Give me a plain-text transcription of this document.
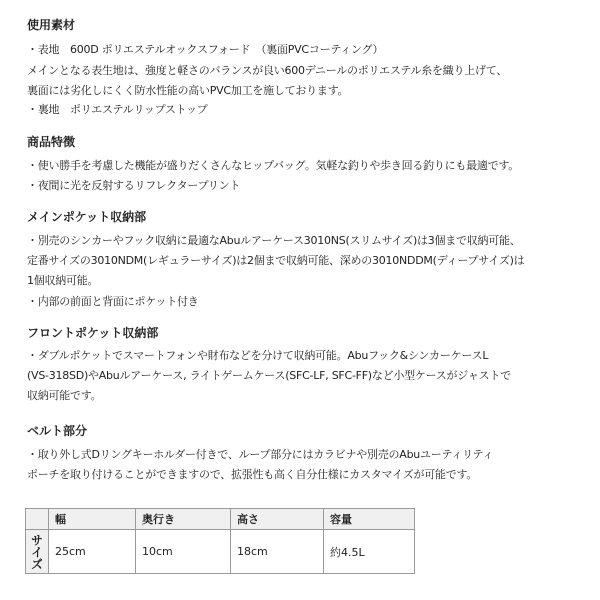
使用素材
・表地　600D ポリエステルオックスフォード　（裏面PVCコーティング）
メインとなる表生地は、強度と軽さのバランスが良い600デニールのポリエステル糸を織り上げて、
裏面には劣化しにくく防水性能の高いPVC加工を施しております。
・裏地　ポリエステルリップストップ
商品特徴
・使い勝手を考慮した機能が盛りだくさんなヒップバッグ。気軽な釣りや歩き回る釣りにも最適です。
・夜間に光を反射するリフレクタープリント
メインポケット収納部
・別売のシンカーやフック収納に最適なAbuルアーケース3010NS(スリムサイズ)は3個まで収納可能、
定番サイズの3010NDM(レギュラーサイズ)は2個まで収納可能、深めの3010NDDM(ディープサイズ)は
1個収納可能。
・内部の前面と背面にポケット付き
フロントポケット収納部
・ダブルポケットでスマートフォンや財布などを分けて収納可能。Abuフック&シンカーケースL
(VS-318SD)やAbuルアーケース, ライトゲームケース(SFC-LF, SFC-FF)など小型ケースがジャストで
収納可能です。
ベルト部分
・取り外し式Dリングキーホルダー付きで、ループ部分にはカラビナや別売のAbuユーティリティ
ポーチを取り付けることができますので、拡張性も高く自分仕様にカスタマイズが可能です。
	幅	奥行き	高さ	容量
サイズ	25cm	10cm	18cm	約4.5L
